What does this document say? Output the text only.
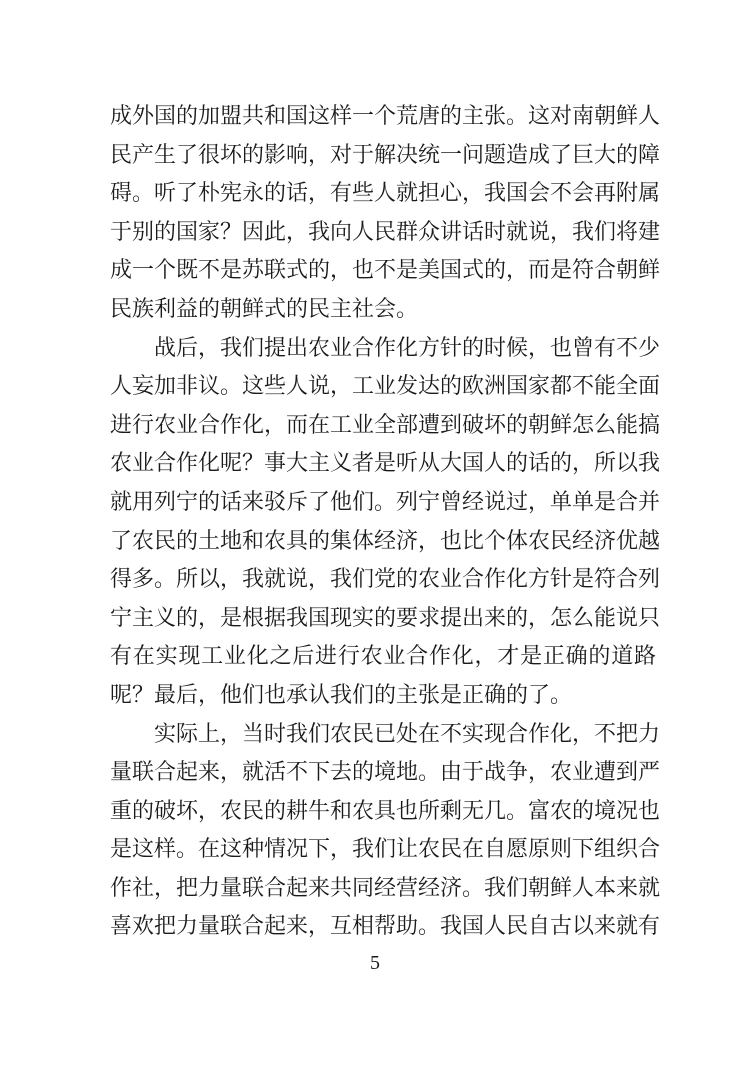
成外国的加盟共和国这样一个荒唐的主张。这对南朝鲜人
民产生了很坏的影响，对于解决统一问题造成了巨大的障
碍。听了朴宪永的话，有些人就担心，我国会不会再附属
于别的国家？因此，我向人民群众讲话时就说，我们将建
成一个既不是苏联式的，也不是美国式的，而是符合朝鲜
民族利益的朝鲜式的民主社会。
　　战后，我们提出农业合作化方针的时候，也曾有不少
人妄加非议。这些人说，工业发达的欧洲国家都不能全面
进行农业合作化，而在工业全部遭到破坏的朝鲜怎么能搞
农业合作化呢？事大主义者是听从大国人的话的，所以我
就用列宁的话来驳斥了他们。列宁曾经说过，单单是合并
了农民的土地和农具的集体经济，也比个体农民经济优越
得多。所以，我就说，我们党的农业合作化方针是符合列
宁主义的，是根据我国现实的要求提出来的，怎么能说只
有在实现工业化之后进行农业合作化，才是正确的道路
呢？最后，他们也承认我们的主张是正确的了。
　　实际上，当时我们农民已处在不实现合作化，不把力
量联合起来，就活不下去的境地。由于战争，农业遭到严
重的破坏，农民的耕牛和农具也所剩无几。富农的境况也
是这样。在这种情况下，我们让农民在自愿原则下组织合
作社，把力量联合起来共同经营经济。我们朝鲜人本来就
喜欢把力量联合起来，互相帮助。我国人民自古以来就有
5
